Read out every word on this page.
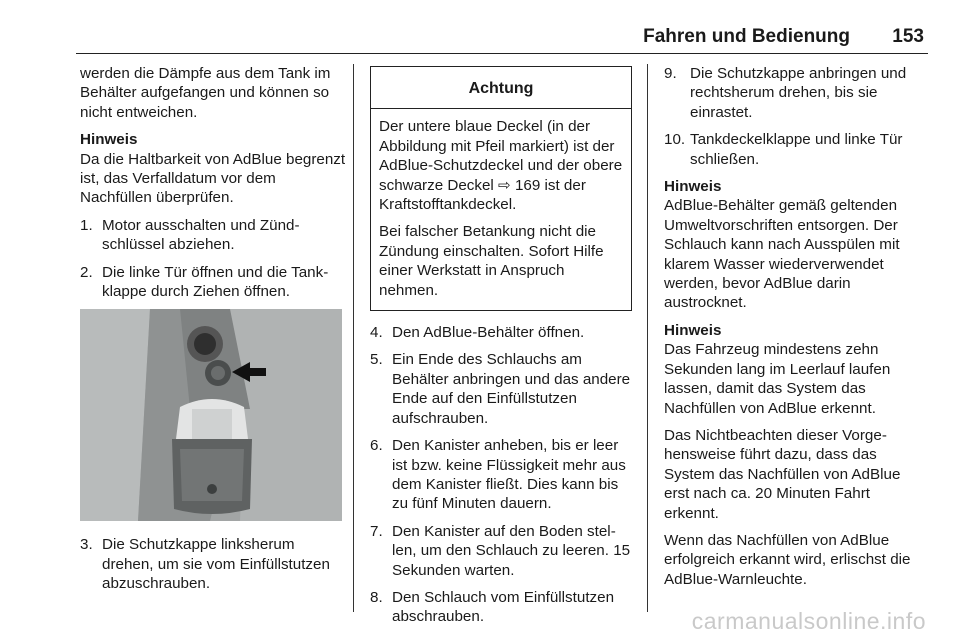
Fahren und Bedienung 153

werden die Dämpfe aus dem Tank im Behälter aufgefangen und können so nicht entweichen.

Hinweis

Da die Haltbarkeit von AdBlue begrenzt ist, das Verfalldatum vor dem Nachfüllen überprüfen.

1. Motor ausschalten und Zündschlüssel abziehen.
2. Die linke Tür öffnen und die Tankklappe durch Ziehen öffnen.
3. Die Schutzkappe linksherum drehen, um sie vom Einfüllstutzen abzuschrauben.
Achtung

Der untere blaue Deckel (in der Abbildung mit Pfeil markiert) ist der AdBlue-Schutzdeckel und der obere schwarze Deckel ⇨ 169 ist der Kraftstofftankdeckel.

Bei falscher Betankung nicht die Zündung einschalten. Sofort Hilfe einer Werkstatt in Anspruch nehmen.

4. Den AdBlue-Behälter öffnen.
5. Ein Ende des Schlauchs am Behälter anbringen und das andere Ende auf den Einfüllstutzen aufschrauben.
6. Den Kanister anheben, bis er leer ist bzw. keine Flüssigkeit mehr aus dem Kanister fließt. Dies kann bis zu fünf Minuten dauern.
7. Den Kanister auf den Boden stellen, um den Schlauch zu leeren. 15 Sekunden warten.
8. Den Schlauch vom Einfüllstutzen abschrauben.
9. Die Schutzkappe anbringen und rechtsherum drehen, bis sie einrastet.
10. Tankdeckelklappe und linke Tür schließen.
Hinweis

AdBlue-Behälter gemäß geltenden Umweltvorschriften entsorgen. Der Schlauch kann nach Ausspülen mit klarem Wasser wiederverwendet werden, bevor AdBlue darin austrocknet.

Hinweis

Das Fahrzeug mindestens zehn Sekunden lang im Leerlauf laufen lassen, damit das System das Nachfüllen von AdBlue erkennt.

Das Nichtbeachten dieser Vorgehensweise führt dazu, dass das System das Nachfüllen von AdBlue erst nach ca. 20 Minuten Fahrt erkennt.

Wenn das Nachfüllen von AdBlue erfolgreich erkannt wird, erlischst die AdBlue-Warnleuchte.

carmanualsonline.info
